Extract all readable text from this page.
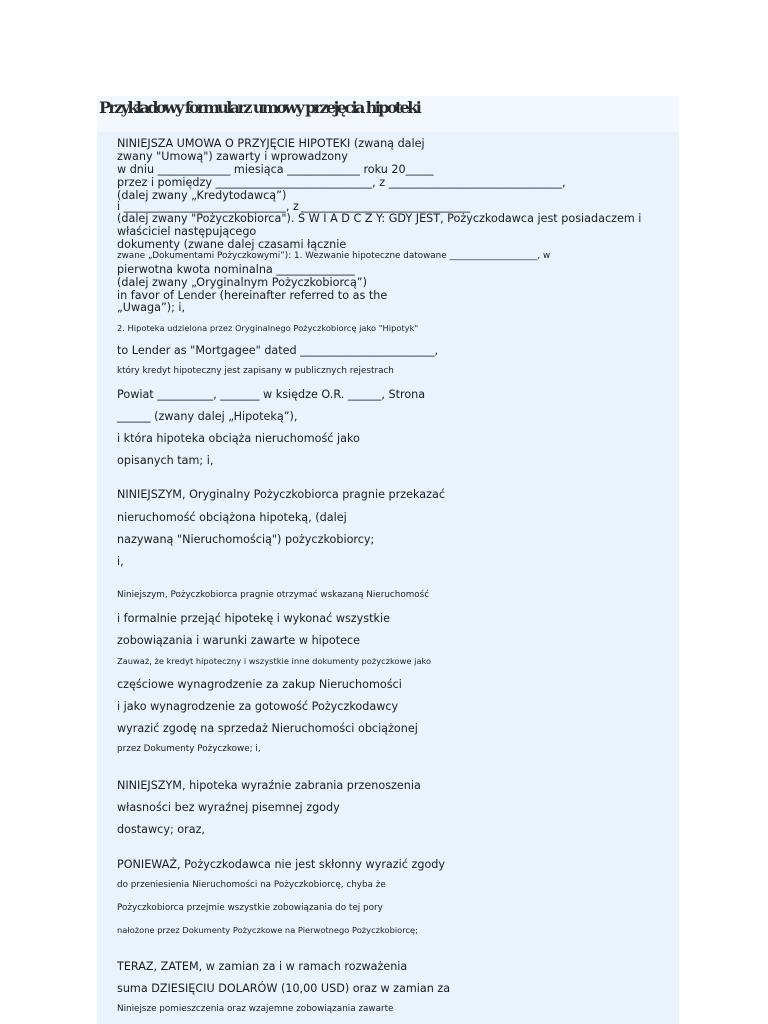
Przykładowy formularz umowy przejęcia hipoteki
NINIEJSZA UMOWA O PRZYJĘCIE HIPOTEKI (zwaną dalej
zwany "Umową") zawarty i wprowadzony
w dniu _____________ miesiąca _____________ roku 20_____
przez i pomiędzy ____________________________, z _______________________________,
(dalej zwany „Kredytodawcą”)
i _____________________________, z ______________________________
(dalej zwany "Pożyczkobiorca"). Ś W I A D C Z Y: GDY JEST, Pożyczkodawca jest posiadaczem i
właściciel następującego
dokumenty (zwane dalej czasami łącznie
zwane „Dokumentami Pożyczkowymi”): 1. Wezwanie hipoteczne datowane ____________________, w
pierwotna kwota nominalna ______________
(dalej zwany „Oryginalnym Pożyczkobiorcą”)
in favor of Lender (hereinafter referred to as the
„Uwaga”); i,
2. Hipoteka udzielona przez Oryginalnego Pożyczkobiorcę jako "Hipotyk"
to Lender as "Mortgagee" dated ________________________,
który kredyt hipoteczny jest zapisany w publicznych rejestrach
Powiat __________, _______ w księdze O.R. ______, Strona
______ (zwany dalej „Hipoteką”),
i która hipoteka obciąża nieruchomość jako
opisanych tam; i,
NINIEJSZYM, Oryginalny Pożyczkobiorca pragnie przekazać
nieruchomość obciążona hipoteką, (dalej
nazywaną "Nieruchomością") pożyczkobiorcy;
i,
Niniejszym, Pożyczkobiorca pragnie otrzymać wskazaną Nieruchomość
i formalnie przejąć hipotekę i wykonać wszystkie
zobowiązania i warunki zawarte w hipotece
Zauważ, że kredyt hipoteczny i wszystkie inne dokumenty pożyczkowe jako
częściowe wynagrodzenie za zakup Nieruchomości
i jako wynagrodzenie za gotowość Pożyczkodawcy
wyrazić zgodę na sprzedaż Nieruchomości obciążonej
przez Dokumenty Pożyczkowe; i,
NINIEJSZYM, hipoteka wyraźnie zabrania przenoszenia
własności bez wyraźnej pisemnej zgody
dostawcy; oraz,
PONIEWAŻ, Pożyczkodawca nie jest skłonny wyrazić zgody
do przeniesienia Nieruchomości na Pożyczkobiorcę, chyba że
Pożyczkobiorca przejmie wszystkie zobowiązania do tej pory
nałożone przez Dokumenty Pożyczkowe na Pierwotnego Pożyczkobiorcę;
TERAZ, ZATEM, w zamian za i w ramach rozważenia
suma DZIESIĘCIU DOLARÓW (10,00 USD) oraz w zamian za
Niniejsze pomieszczenia oraz wzajemne zobowiązania zawarte
